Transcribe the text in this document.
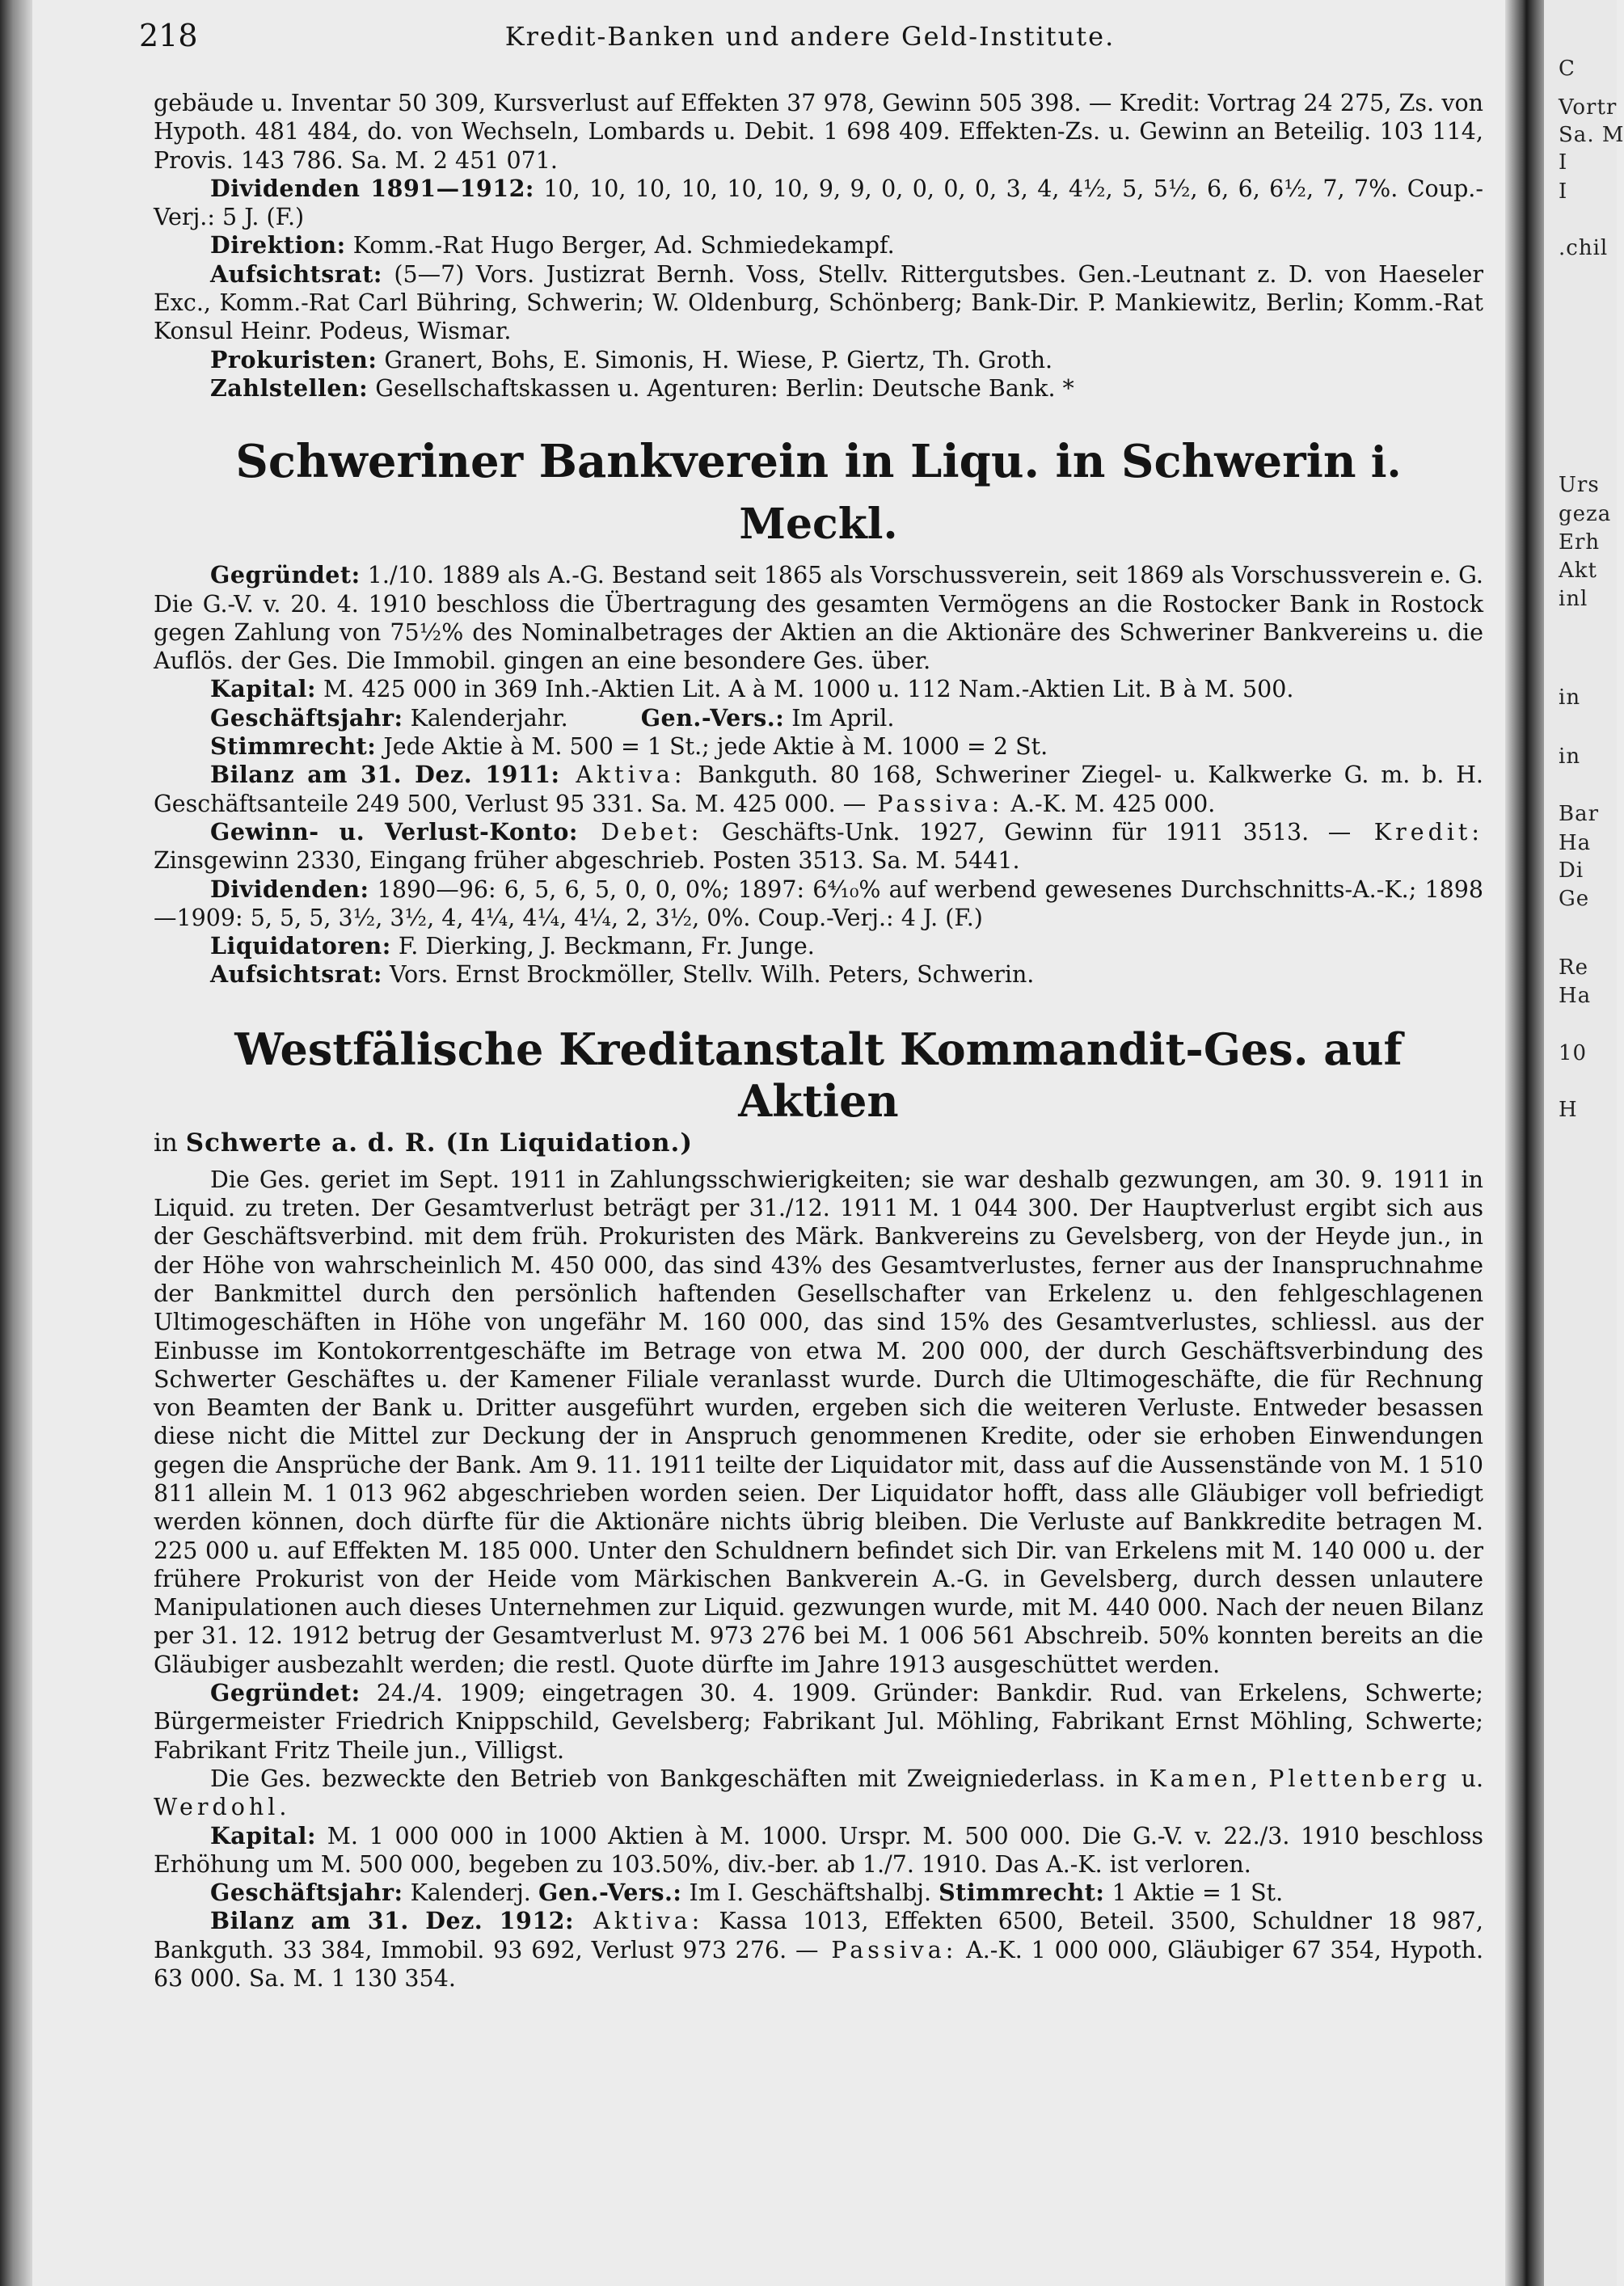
C
Vortr
Sa. M
I
I
.chil
Urs
geza
Erh
Akt
inl
in
in
Bar
Ha
Di
Ge
Re
Ha
10
H
218	Kredit-Banken und andere Geld-Institute.

gebäude u. Inventar 50 309, Kursverlust auf Effekten 37 978, Gewinn 505 398. — Kredit: Vortrag 24 275, Zs. von Hypoth. 481 484, do. von Wechseln, Lombards u. Debit. 1 698 409. Effekten-Zs. u. Gewinn an Beteilig. 103 114, Provis. 143 786. Sa. M. 2 451 071.

Dividenden 1891—1912: 10, 10, 10, 10, 10, 10, 9, 9, 0, 0, 0, 0, 3, 4, 4½, 5, 5½, 6, 6, 6½, 7, 7%. Coup.-Verj.: 5 J. (F.)

Direktion: Komm.-Rat Hugo Berger, Ad. Schmiedekampf.

Aufsichtsrat: (5—7) Vors. Justizrat Bernh. Voss, Stellv. Rittergutsbes. Gen.-Leutnant z. D. von Haeseler Exc., Komm.-Rat Carl Bühring, Schwerin; W. Oldenburg, Schönberg; Bank-Dir. P. Mankiewitz, Berlin; Komm.-Rat Konsul Heinr. Podeus, Wismar.

Prokuristen: Granert, Bohs, E. Simonis, H. Wiese, P. Giertz, Th. Groth.

Zahlstellen: Gesellschaftskassen u. Agenturen: Berlin: Deutsche Bank. *

Schweriner Bankverein in Liqu. in Schwerin i. Meckl.

Gegründet: 1./10. 1889 als A.-G. Bestand seit 1865 als Vorschussverein, seit 1869 als Vorschussverein e. G. Die G.-V. v. 20. 4. 1910 beschloss die Übertragung des gesamten Vermögens an die Rostocker Bank in Rostock gegen Zahlung von 75½% des Nominalbetrages der Aktien an die Aktionäre des Schweriner Bankvereins u. die Auflös. der Ges. Die Immobil. gingen an eine besondere Ges. über.

Kapital: M. 425 000 in 369 Inh.-Aktien Lit. A à M. 1000 u. 112 Nam.-Aktien Lit. B à M. 500.

Geschäftsjahr: Kalenderjahr.	Gen.-Vers.: Im April.

Stimmrecht: Jede Aktie à M. 500 = 1 St.; jede Aktie à M. 1000 = 2 St.

Bilanz am 31. Dez. 1911: Aktiva: Bankguth. 80 168, Schweriner Ziegel- u. Kalkwerke G. m. b. H. Geschäftsanteile 249 500, Verlust 95 331. Sa. M. 425 000. — Passiva: A.-K. M. 425 000.

Gewinn- u. Verlust-Konto: Debet: Geschäfts-Unk. 1927, Gewinn für 1911 3513. — Kredit: Zinsgewinn 2330, Eingang früher abgeschrieb. Posten 3513. Sa. M. 5441.

Dividenden: 1890—96: 6, 5, 6, 5, 0, 0, 0%; 1897: 6⁴⁄₁₀% auf werbend gewesenes Durchschnitts-A.-K.; 1898—1909: 5, 5, 5, 3½, 3½, 4, 4¼, 4¼, 4¼, 2, 3½, 0%. Coup.-Verj.: 4 J. (F.)

Liquidatoren: F. Dierking, J. Beckmann, Fr. Junge.

Aufsichtsrat: Vors. Ernst Brockmöller, Stellv. Wilh. Peters, Schwerin.

Westfälische Kreditanstalt Kommandit-Ges. auf Aktien

in Schwerte a. d. R. (In Liquidation.)

Die Ges. geriet im Sept. 1911 in Zahlungsschwierigkeiten; sie war deshalb gezwungen, am 30. 9. 1911 in Liquid. zu treten. Der Gesamtverlust beträgt per 31./12. 1911 M. 1 044 300. Der Hauptverlust ergibt sich aus der Geschäftsverbind. mit dem früh. Prokuristen des Märk. Bankvereins zu Gevelsberg, von der Heyde jun., in der Höhe von wahrscheinlich M. 450 000, das sind 43% des Gesamtverlustes, ferner aus der Inanspruchnahme der Bankmittel durch den persönlich haftenden Gesellschafter van Erkelenz u. den fehlgeschlagenen Ultimogeschäften in Höhe von ungefähr M. 160 000, das sind 15% des Gesamtverlustes, schliessl. aus der Einbusse im Kontokorrentgeschäfte im Betrage von etwa M. 200 000, der durch Geschäftsverbindung des Schwerter Geschäftes u. der Kamener Filiale veranlasst wurde. Durch die Ultimogeschäfte, die für Rechnung von Beamten der Bank u. Dritter ausgeführt wurden, ergeben sich die weiteren Verluste. Entweder besassen diese nicht die Mittel zur Deckung der in Anspruch genommenen Kredite, oder sie erhoben Einwendungen gegen die Ansprüche der Bank. Am 9. 11. 1911 teilte der Liquidator mit, dass auf die Aussenstände von M. 1 510 811 allein M. 1 013 962 abgeschrieben worden seien. Der Liquidator hofft, dass alle Gläubiger voll befriedigt werden können, doch dürfte für die Aktionäre nichts übrig bleiben. Die Verluste auf Bankkredite betragen M. 225 000 u. auf Effekten M. 185 000. Unter den Schuldnern befindet sich Dir. van Erkelens mit M. 140 000 u. der frühere Prokurist von der Heide vom Märkischen Bankverein A.-G. in Gevelsberg, durch dessen unlautere Manipulationen auch dieses Unternehmen zur Liquid. gezwungen wurde, mit M. 440 000. Nach der neuen Bilanz per 31. 12. 1912 betrug der Gesamtverlust M. 973 276 bei M. 1 006 561 Abschreib. 50% konnten bereits an die Gläubiger ausbezahlt werden; die restl. Quote dürfte im Jahre 1913 ausgeschüttet werden.

Gegründet: 24./4. 1909; eingetragen 30. 4. 1909. Gründer: Bankdir. Rud. van Erkelens, Schwerte; Bürgermeister Friedrich Knippschild, Gevelsberg; Fabrikant Jul. Möhling, Fabrikant Ernst Möhling, Schwerte; Fabrikant Fritz Theile jun., Villigst.

Die Ges. bezweckte den Betrieb von Bankgeschäften mit Zweigniederlass. in Kamen, Plettenberg u. Werdohl.

Kapital: M. 1 000 000 in 1000 Aktien à M. 1000. Urspr. M. 500 000. Die G.-V. v. 22./3. 1910 beschloss Erhöhung um M. 500 000, begeben zu 103.50%, div.-ber. ab 1./7. 1910. Das A.-K. ist verloren.

Geschäftsjahr: Kalenderj. Gen.-Vers.: Im I. Geschäftshalbj. Stimmrecht: 1 Aktie = 1 St.

Bilanz am 31. Dez. 1912: Aktiva: Kassa 1013, Effekten 6500, Beteil. 3500, Schuldner 18 987, Bankguth. 33 384, Immobil. 93 692, Verlust 973 276. — Passiva: A.-K. 1 000 000, Gläubiger 67 354, Hypoth. 63 000. Sa. M. 1 130 354.
